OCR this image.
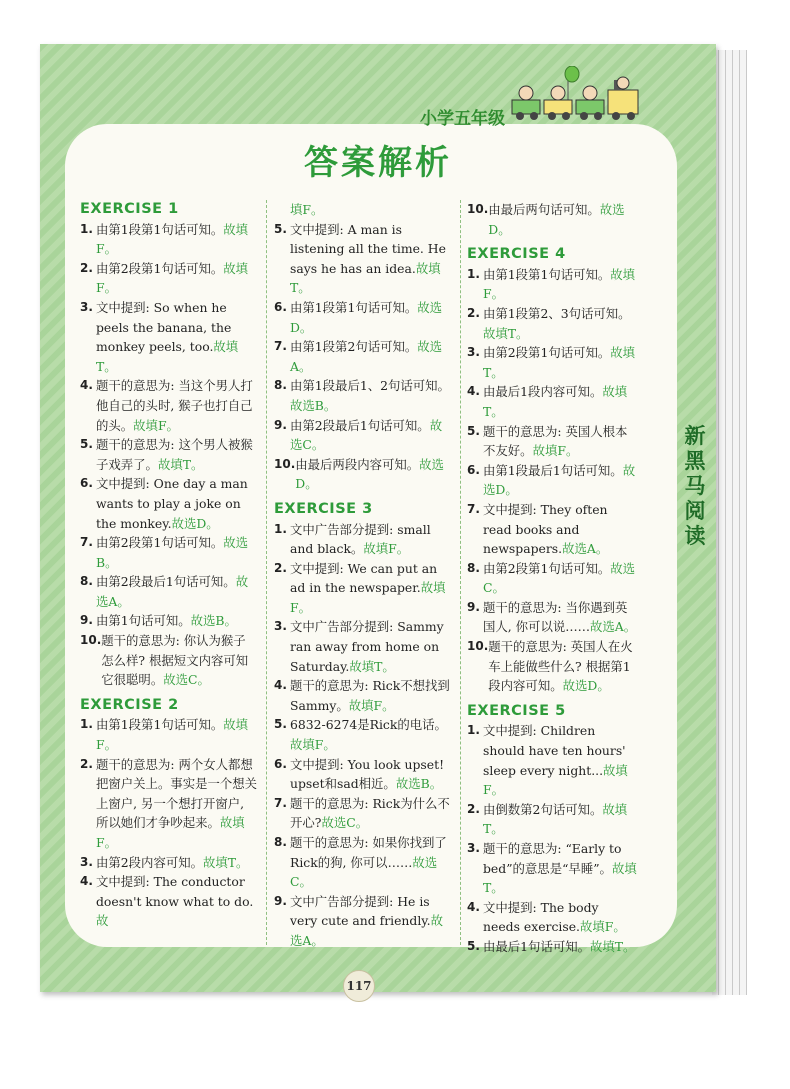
小学五年级
新
黑
马
阅
读
答案解析
EXERCISE 1
1. 由第1段第1句话可知。故填F。
2. 由第2段第1句话可知。故填F。
3. 文中提到: So when he peels the banana, the monkey peels, too.故填T。
4. 题干的意思为: 当这个男人打他自己的头时, 猴子也打自己的头。故填F。
5. 题干的意思为: 这个男人被猴子戏弄了。故填T。
6. 文中提到: One day a man wants to play a joke on the monkey.故选D。
7. 由第2段第1句话可知。故选B。
8. 由第2段最后1句话可知。故选A。
9. 由第1句话可知。故选B。
10. 题干的意思为: 你认为猴子怎么样? 根据短文内容可知它很聪明。故选C。
EXERCISE 2
1. 由第1段第1句话可知。故填F。
2. 题干的意思为: 两个女人都想把窗户关上。事实是一个想关上窗户, 另一个想打开窗户, 所以她们才争吵起来。故填F。
3. 由第2段内容可知。故填T。
4. 文中提到: The conductor doesn't know what to do.故
填F。
5. 文中提到: A man is listening all the time. He says he has an idea.故填T。
6. 由第1段第1句话可知。故选D。
7. 由第1段第2句话可知。故选A。
8. 由第1段最后1、2句话可知。故选B。
9. 由第2段最后1句话可知。故选C。
10. 由最后两段内容可知。故选D。
EXERCISE 3
1. 文中广告部分提到: small and black。故填F。
2. 文中提到: We can put an ad in the newspaper.故填F。
3. 文中广告部分提到: Sammy ran away from home on Saturday.故填T。
4. 题干的意思为: Rick不想找到Sammy。故填F。
5. 6832-6274是Rick的电话。故填F。
6. 文中提到: You look upset! upset和sad相近。故选B。
7. 题干的意思为: Rick为什么不开心?故选C。
8. 题干的意思为: 如果你找到了Rick的狗, 你可以……故选C。
9. 文中广告部分提到: He is very cute and friendly.故选A。
10. 由最后两句话可知。故选D。
EXERCISE 4
1. 由第1段第1句话可知。故填F。
2. 由第1段第2、3句话可知。故填T。
3. 由第2段第1句话可知。故填T。
4. 由最后1段内容可知。故填T。
5. 题干的意思为: 英国人根本不友好。故填F。
6. 由第1段最后1句话可知。故选D。
7. 文中提到: They often read books and newspapers.故选A。
8. 由第2段第1句话可知。故选C。
9. 题干的意思为: 当你遇到英国人, 你可以说……故选A。
10. 题干的意思为: 英国人在火车上能做些什么? 根据第1段内容可知。故选D。
EXERCISE 5
1. 文中提到: Children should have ten hours' sleep every night...故填F。
2. 由倒数第2句话可知。故填T。
3. 题干的意思为: “Early to bed”的意思是“早睡”。故填T。
4. 文中提到: The body needs exercise.故填F。
5. 由最后1句话可知。故填T。
117
